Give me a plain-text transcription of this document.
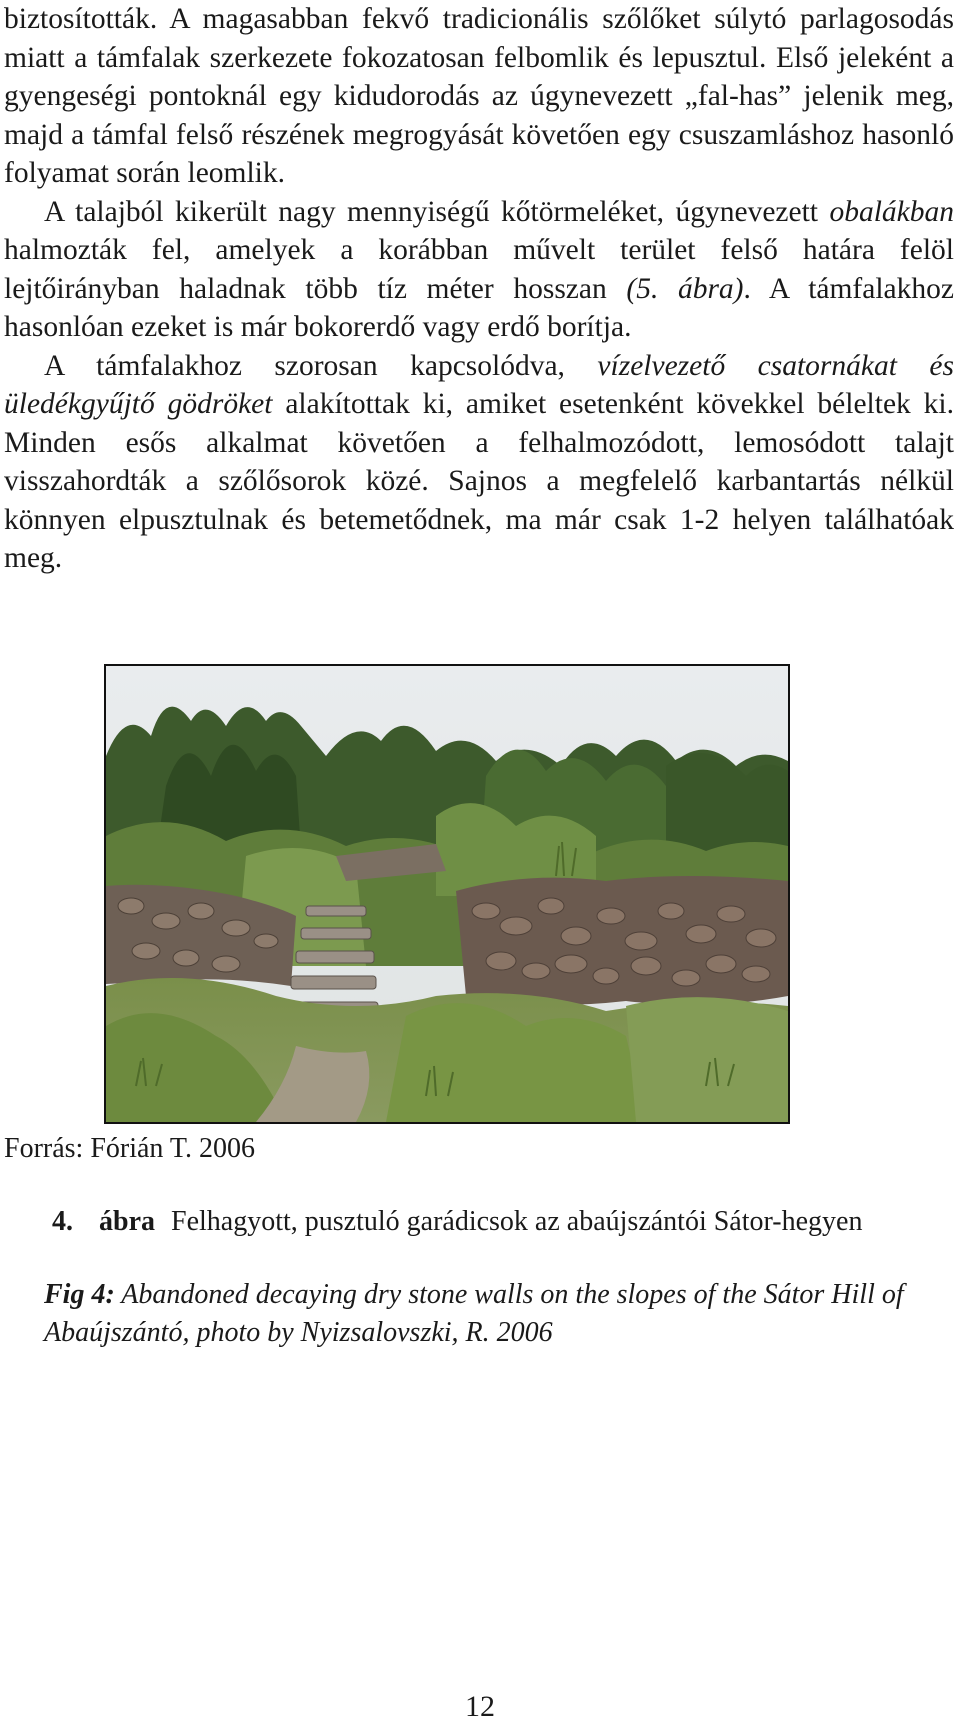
biztosították. A magasabban fekvő tradicionális szőlőket súlytó parlagosodás miatt a támfalak szerkezete fokozatosan felbomlik és lepusztul. Első jeleként a gyengeségi pontoknál egy kidudorodás az úgynevezett „fal-has” jelenik meg, majd a támfal felső részének megrogyását követően egy csuszamláshoz hasonló folyamat során leomlik.

A talajból kikerült nagy mennyiségű kőtörmeléket, úgynevezett obalákban halmozták fel, amelyek a korábban művelt terület felső határa felöl lejtőirányban haladnak több tíz méter hosszan (5. ábra). A támfalakhoz hasonlóan ezeket is már bokorerdő vagy erdő borítja.

A támfalakhoz szorosan kapcsolódva, vízelvezető csatornákat és üledékgyűjtő gödröket alakítottak ki, amiket esetenként kövekkel béleltek ki. Minden esős alkalmat követően a felhalmozódott, lemosódott talajt visszahordták a szőlősorok közé. Sajnos a megfelelő karbantartás nélkül könnyen elpusztulnak és betemetődnek, ma már csak 1-2 helyen találhatóak meg.

Forrás: Fórián T. 2006
4. ábra Felhagyott, pusztuló garádicsok az abaújszántói Sátor-hegyen
Fig 4: Abandoned decaying dry stone walls on the slopes of the Sátor Hill of Abaújszántó, photo by Nyizsalovszki, R. 2006
12
